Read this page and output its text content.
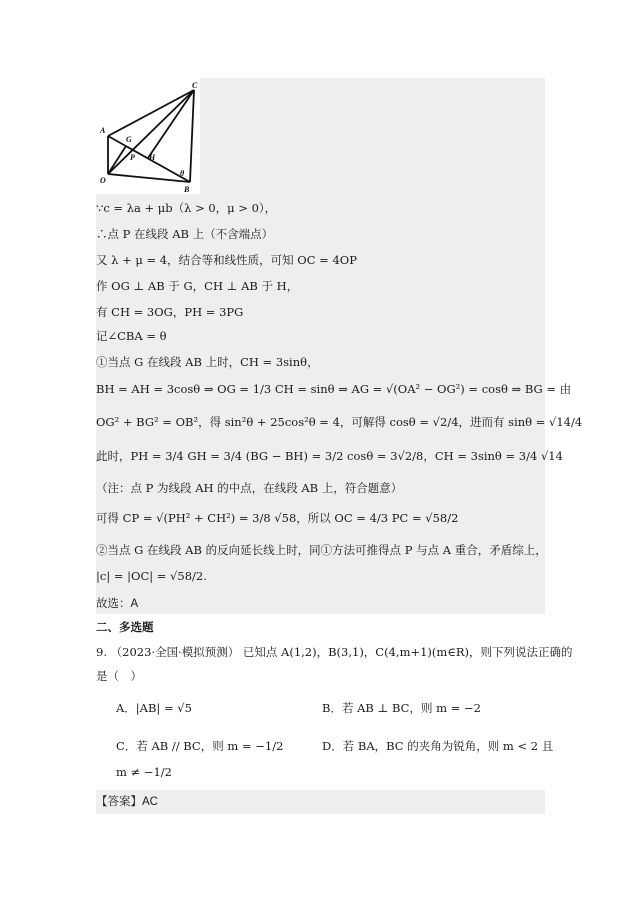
C
A
G
P H
O
θ
B
∵c = λa + μb（λ > 0，μ > 0），
∴点 P 在线段 AB 上（不含端点）
又 λ + μ = 4，结合等和线性质，可知 OC = 4OP
作 OG ⊥ AB 于 G，CH ⊥ AB 于 H，
有 CH = 3OG，PH = 3PG
记∠CBA = θ
①当点 G 在线段 AB 上时，CH = 3sinθ，
BH = AH = 3cosθ ⇒ OG = 1/3 CH = sinθ ⇒ AG = √(OA² − OG²) = cosθ ⇒ BG = 由
OG² + BG² = OB²，得 sin²θ + 25cos²θ = 4，可解得 cosθ = √2/4，进而有 sinθ = √14/4
此时，PH = 3/4 GH = 3/4 (BG − BH) = 3/2 cosθ = 3√2/8，CH = 3sinθ = 3/4 √14
（注：点 P 为线段 AH 的中点，在线段 AB 上，符合题意）
可得 CP = √(PH² + CH²) = 3/8 √58，所以 OC = 4/3 PC = √58/2
②当点 G 在线段 AB 的反向延长线上时，同①方法可推得点 P 与点 A 重合，矛盾综上，
|c| = |OC| = √58/2.
故选：A
二、多选题
9. （2023·全国·模拟预测） 已知点 A(1,2)，B(3,1)，C(4,m+1)(m∈R)，则下列说法正确的
是（　）
A．|AB| = √5	B．若 AB ⊥ BC，则 m = −2
C．若 AB // BC，则 m = −1/2	D．若 BA，BC 的夹角为锐角，则 m < 2 且
m ≠ −1/2
【答案】AC
